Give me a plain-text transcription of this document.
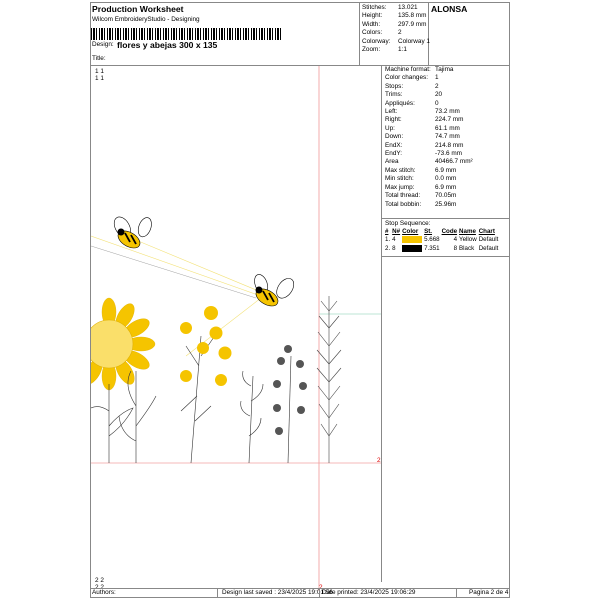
Production Worksheet
Wilcom EmbroideryStudio - Designing
Design: flores y abejas 300 x 135
Title:
ALONSA
Stitches:	13.021
Height:	135.8 mm
Width:	297.9 mm
Colors:	2
Colorway:	Colorway 1
Zoom:	1:1
1 1
1 1
2 2
2 2
2
2
Machine format: Tajima
Color changes:	1
Stops:	2
Trims:	20
Appliqués:	0
Left:	73.2 mm
Right:	224.7 mm
Up:	61.1 mm
Down:	74.7 mm
EndX:	214.8 mm
EndY:	-73.6 mm
Area	40466.7 mm²
Max stitch:	6.9 mm
Min stitch:	0.0 mm
Max jump:	6.9 mm
Total thread:	70.05m
Total bobbin:	25.96m
Stop Sequence:
#	N#	Color	St.	Code	Name	Chart
1.	4		5.668	4	Yellow	Default
2.	8		7.351	8	Black	Default
Authors:	Design last saved : 23/4/2025 19:01:56
Date printed: 23/4/2025 19:06:29	Pagina 2 de 4
